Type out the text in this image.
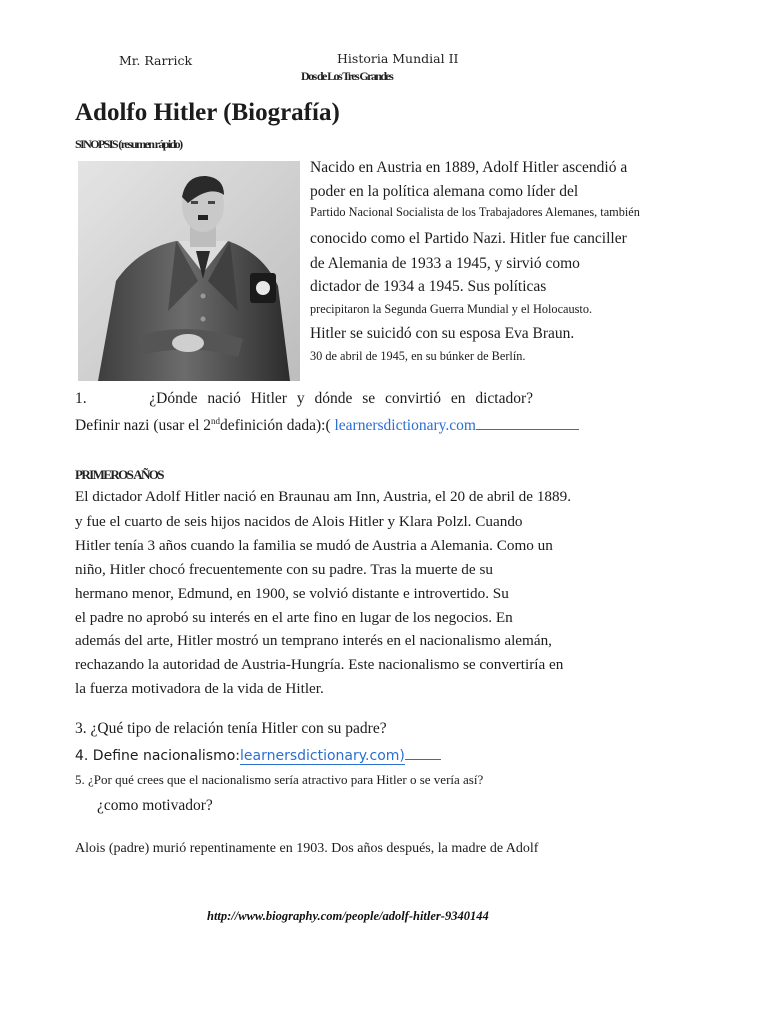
Mr. Rarrick	Historia Mundial II
Dos de Los Tres Grandes
Adolfo Hitler (Biografía)
SINOPSIS (resumen rápido)
Nacido en Austria en 1889, Adolf Hitler ascendió a
poder en la política alemana como líder del
Partido Nacional Socialista de los Trabajadores Alemanes, también
conocido como el Partido Nazi. Hitler fue canciller
de Alemania de 1933 a 1945, y sirvió como
dictador de 1934 a 1945. Sus políticas
precipitaron la Segunda Guerra Mundial y el Holocausto.
Hitler se suicidó con su esposa Eva Braun.
30 de abril de 1945, en su búnker de Berlín.
1.	¿Dónde nació Hitler y dónde se convirtió en dictador?
Definir nazi (usar el 2nddefinición dada):( learnersdictionary.com
PRIMEROS AÑOS
El dictador Adolf Hitler nació en Braunau am Inn, Austria, el 20 de abril de 1889.
y fue el cuarto de seis hijos nacidos de Alois Hitler y Klara Polzl. Cuando
Hitler tenía 3 años cuando la familia se mudó de Austria a Alemania. Como un
niño, Hitler chocó frecuentemente con su padre. Tras la muerte de su
hermano menor, Edmund, en 1900, se volvió distante e introvertido. Su
el padre no aprobó su interés en el arte fino en lugar de los negocios. En
además del arte, Hitler mostró un temprano interés en el nacionalismo alemán,
rechazando la autoridad de Austria-Hungría. Este nacionalismo se convertiría en
la fuerza motivadora de la vida de Hitler.
3. ¿Qué tipo de relación tenía Hitler con su padre?
4. Define nacionalismo:learnersdictionary.com)
5. ¿Por qué crees que el nacionalismo sería atractivo para Hitler o se vería así?
¿como motivador?
Alois (padre) murió repentinamente en 1903. Dos años después, la madre de Adolf
http://www.biography.com/people/adolf-hitler-9340144
